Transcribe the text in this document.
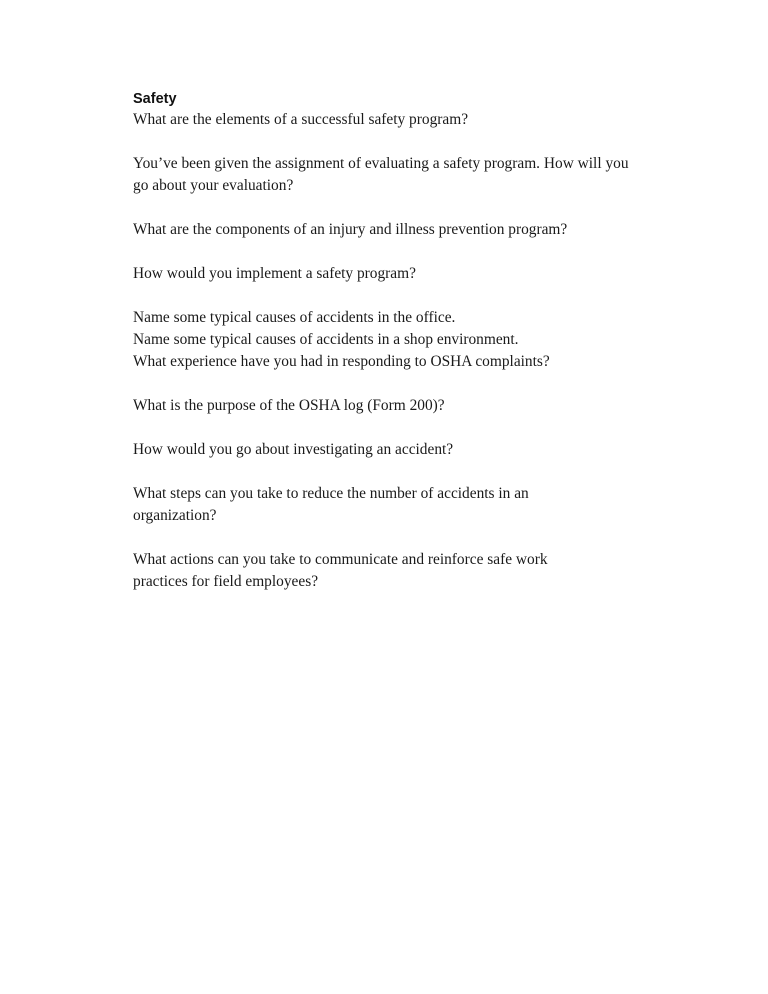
Safety

What are the elements of a successful safety program?

You’ve been given the assignment of evaluating a safety program. How will you go about your evaluation?

What are the components of an injury and illness prevention program?

How would you implement a safety program?

Name some typical causes of accidents in the office.

Name some typical causes of accidents in a shop environment.

What experience have you had in responding to OSHA complaints?

What is the purpose of the OSHA log (Form 200)?

How would you go about investigating an accident?

What steps can you take to reduce the number of accidents in an organization?

What actions can you take to communicate and reinforce safe work practices for field employees?
